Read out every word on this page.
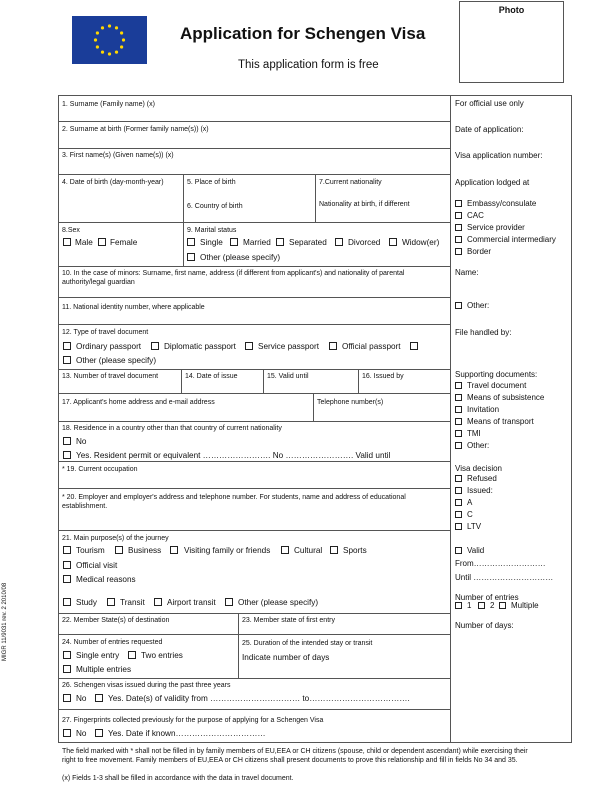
Application for Schengen Visa
This application form is free
Photo
MIGR 11/9031 rev. 2 2010/08
1. Surname (Family name) (x)
2. Surname at birth (Former family name(s)) (x)
3. First name(s) (Given name(s)) (x)
4. Date of birth (day-month-year)	5. Place of birth
6. Country of birth
7.Current nationality
Nationality at birth, if different
8.Sex
Male Female
9. Marital status
Single Married Separated	Divorced	Widow(er)
Other (please specify)
10. In the case of minors: Surname, first name, address (if different from applicant's) and nationality of parental
authority/legal guardian
11. National identity number, where applicable
12. Type of travel document
Ordinary passport	Diplomatic passport	Service passport	Official passport
Other (please specify)
13. Number of travel document	14. Date of issue	15. Valid until	16. Issued by
17. Applicant's home address and e-mail address	Telephone number(s)
18. Residence in a country other than that country of current nationality
No
Yes. Resident permit or equivalent ……………………. No ……………………. Valid until
* 19. Current occupation
* 20. Employer and employer's address and telephone number. For students, name and address of educational
establishment.
21. Main purpose(s) of the journey
Tourism	Business	Visiting family or friends	Cultural	Sports
Official visit
Medical reasons
Study	Transit	Airport transit	Other (please specify)
22. Member State(s) of destination	23. Member state of first entry
24. Number of entries requested
Single entry	Two entries
Multiple entries
25. Duration of the intended stay or transit
Indicate number of days
26. Schengen visas issued during the past three years
No	Yes. Date(s) of validity from …………………………… to……………………………….
27. Fingerprints collected previously for the purpose of applying for a Schengen Visa
No	Yes. Date if known……………………………
For official use only
Date of application:
Visa application number:
Application lodged at
Embassy/consulate
CAC
Service provider
Commercial intermediary
Border
Name:
Other:
File handled by:
Supporting documents:
Travel document
Means of subsistence
Invitation
Means of transport
TMI
Other:
Visa decision
Refused
Issued:
A
C
LTV
Valid
From………………………
Until …………………………
Number of entries
1 2 Multiple
Number of days:
The field marked with * shall not be filled in by family members of EU,EEA or CH citizens (spouse, child or dependent ascendant) while exercising their
right to free movement. Family members of EU,EEA or CH citizens shall present documents to prove this relationship and fill in fields No 34 and 35.
(x) Fields 1-3 shall be filled in accordance with the data in travel document.
